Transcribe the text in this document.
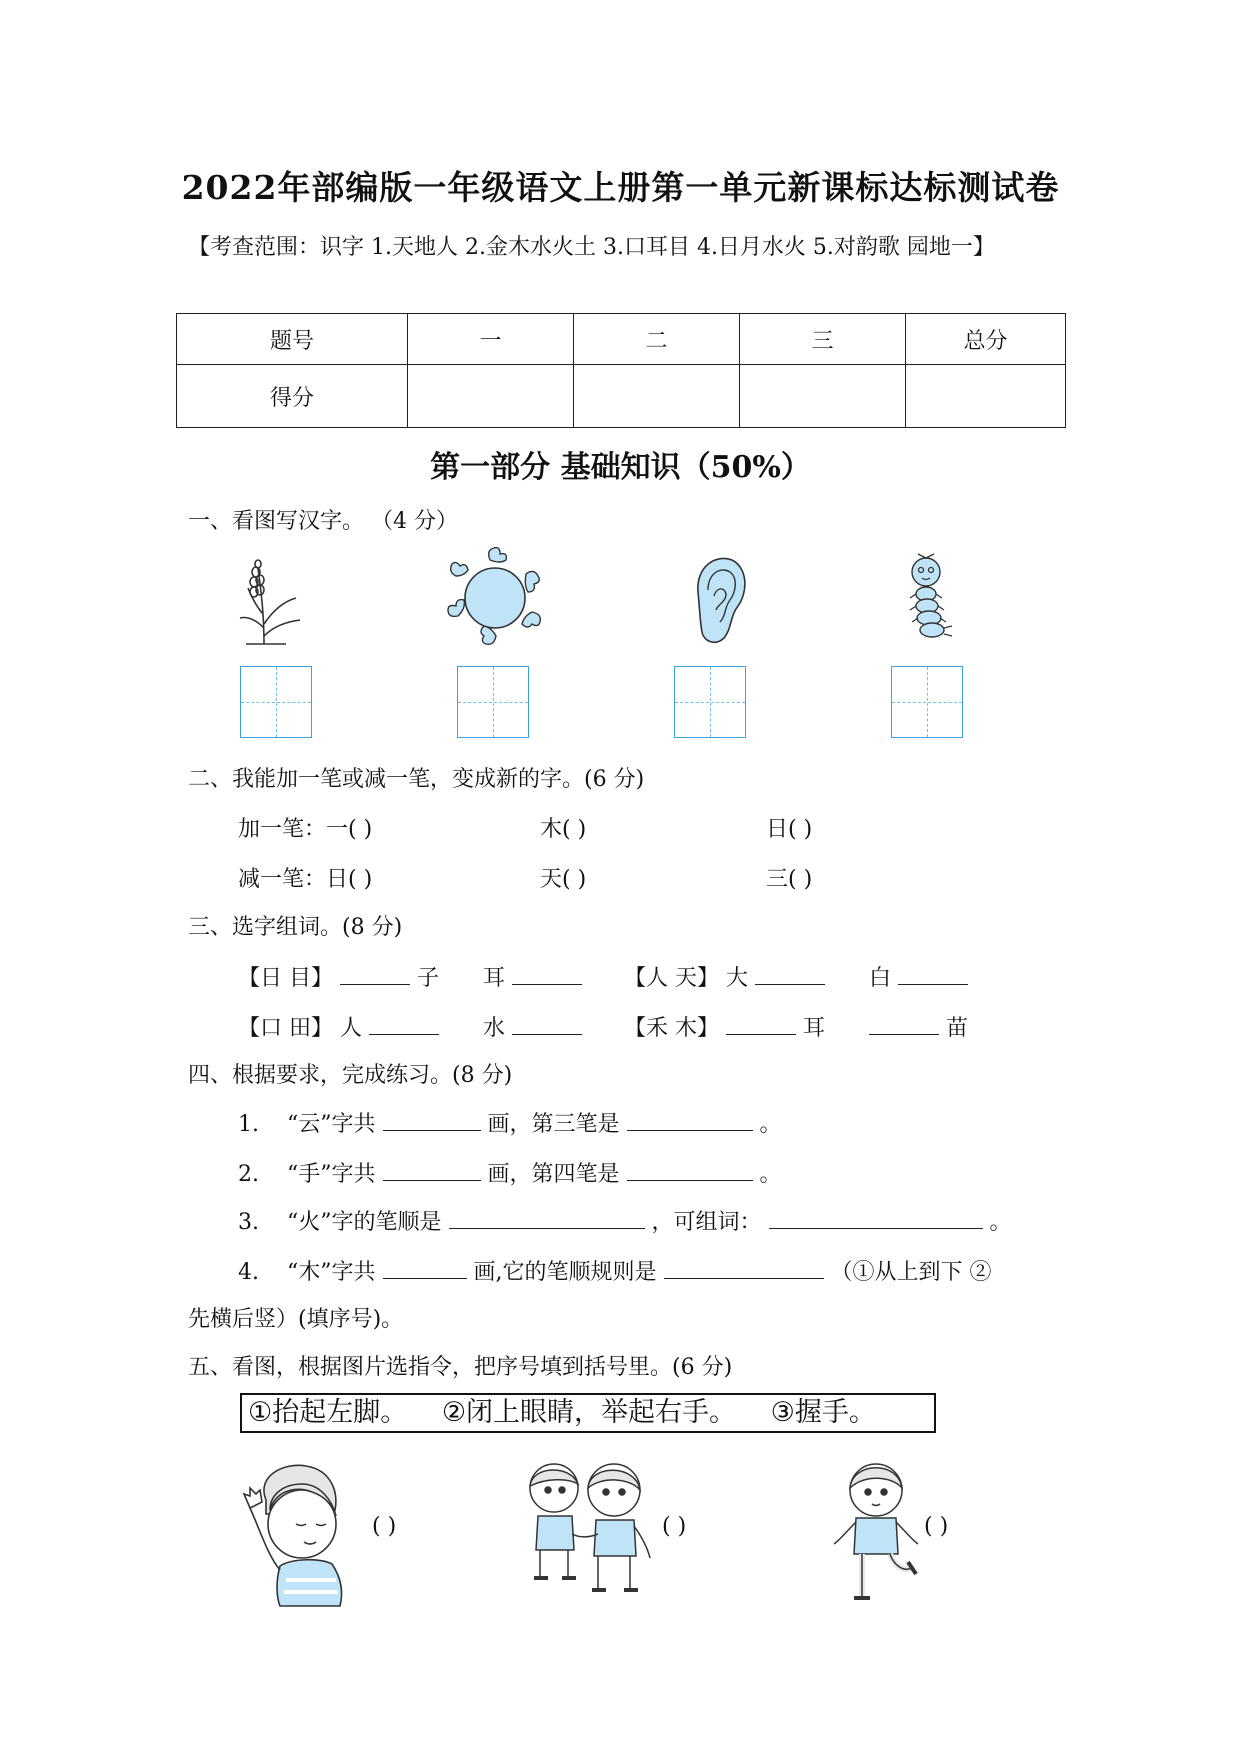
2022年部编版一年级语文上册第一单元新课标达标测试卷
【考查范围：识字 1.天地人 2.金木水火土 3.口耳目 4.日月水火 5.对韵歌 园地一】
题号	一	二	三	总分
得分				
第一部分 基础知识（50%）
一、看图写汉字。 （4 分）
二、我能加一笔或减一笔，变成新的字。(6 分)
加一笔： 一( )	木( )	日( )
减一笔： 日( )	天( )	三( )
三、选字组词。(8 分)
【日 目】	子 耳	【人 天】 大	白
【口 田】 人	水	【禾 木】	耳	苗
四、根据要求，完成练习。(8 分)
1. “云”字共	画，第三笔是	。
2. “手”字共	画，第四笔是	。
3. “火”字的笔顺是	，可组词：	。
4. “木”字共	画,它的笔顺规则是	（①从上到下 ②
先横后竖）(填序号)。
五、看图，根据图片选指令，把序号填到括号里。(6 分)
①抬起左脚。 ②闭上眼睛，举起右手。 ③握手。
( )	( )	( )
